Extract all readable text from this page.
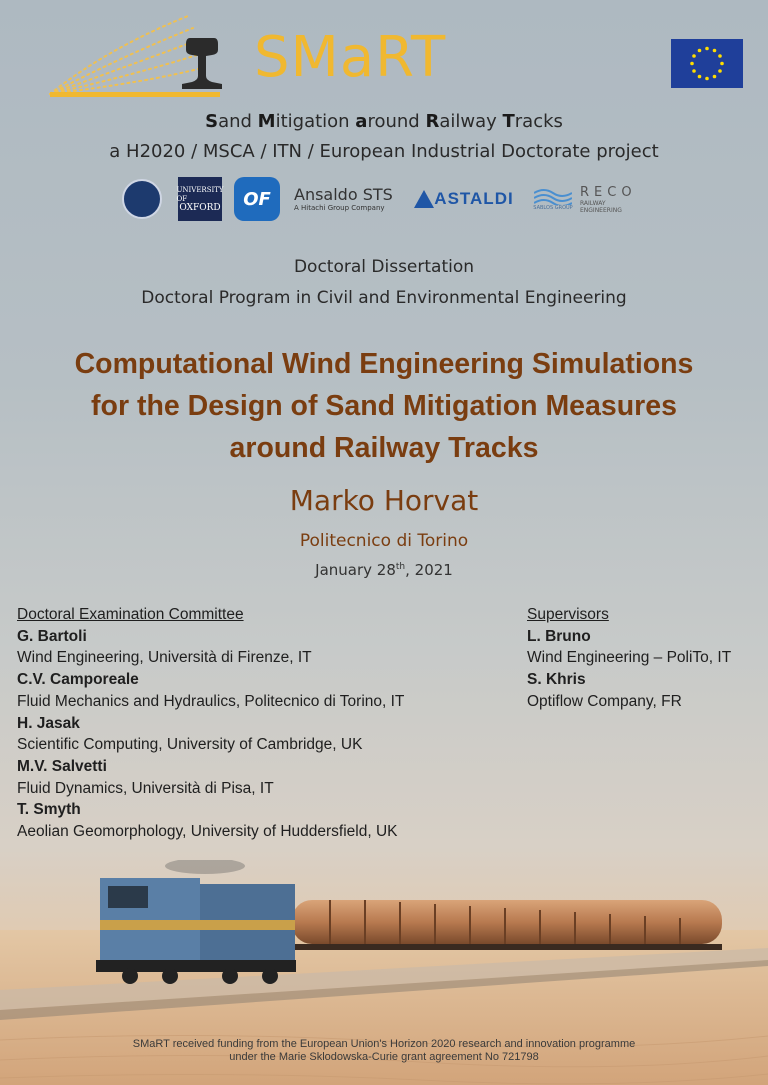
SMaRT
Sand Mitigation around Railway Tracks
a H2020 / MSCA / ITN / European Industrial Doctorate project
UNIVERSITY OF
OXFORD	OF	Ansaldo STS
A Hitachi Group Company	ASTALDI	SABLOS GROUP
RECO
RAILWAY ENGINEERING
Doctoral Dissertation
Doctoral Program in Civil and Environmental Engineering
Computational Wind Engineering Simulations
for the Design of Sand Mitigation Measures
around Railway Tracks
Marko Horvat
Politecnico di Torino
January 28th, 2021
Doctoral Examination Committee
G. Bartoli
Wind Engineering, Università di Firenze, IT
C.V. Camporeale
Fluid Mechanics and Hydraulics, Politecnico di Torino, IT
H. Jasak
Scientific Computing, University of Cambridge, UK
M.V. Salvetti
Fluid Dynamics, Università di Pisa, IT
T. Smyth
Aeolian Geomorphology, University of Huddersfield, UK
Supervisors
L. Bruno
Wind Engineering – PoliTo, IT
S. Khris
Optiflow Company, FR
SMaRT received funding from the European Union's Horizon 2020 research and innovation programme
under the Marie Sklodowska-Curie grant agreement No 721798
